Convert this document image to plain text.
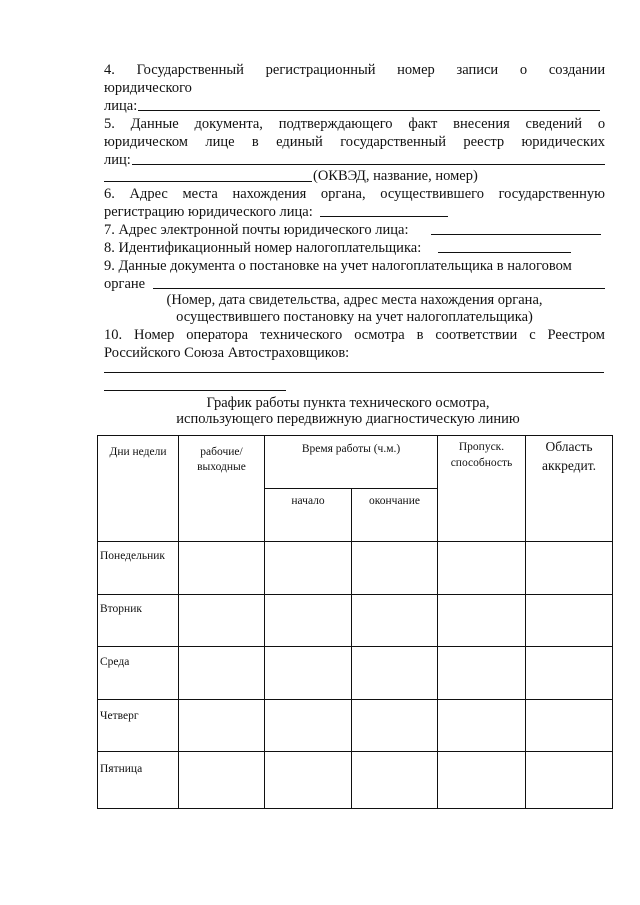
4. Государственный регистрационный номер записи о создании
юридического
лица:
5. Данные документа, подтверждающего факт внесения сведений о
юридическом лице в единый государственный реестр юридических
лиц:
(ОКВЭД, название, номер)
6. Адрес места нахождения органа, осуществившего государственную
регистрацию юридического лица:
7. Адрес электронной почты юридического лица:
8. Идентификационный номер налогоплательщика:
9. Данные документа о постановке на учет налогоплательщика в налоговом
органе
(Номер, дата свидетельства, адрес места нахождения органа,
осуществившего постановку на учет налогоплательщика)
10. Номер оператора технического осмотра в соответствии с Реестром
Российского Союза Автостраховщиков:
График работы пункта технического осмотра,
использующего передвижную диагностическую линию
Дни недели	рабочие/
выходные
Время работы (ч.м.)
начало	окончание
Пропуск.
способность
Область
аккредит.
Понедельник
Вторник
Среда
Четверг
Пятница
